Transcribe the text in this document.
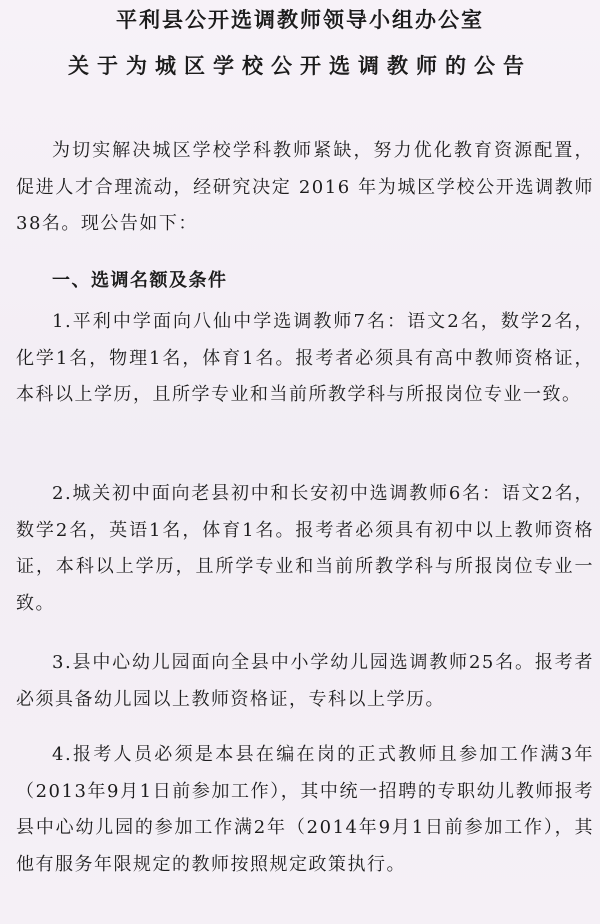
平利县公开选调教师领导小组办公室
关于为城区学校公开选调教师的公告

为切实解决城区学校学科教师紧缺，努力优化教育资源配置，促进人才合理流动，经研究决定 2016 年为城区学校公开选调教师38名。现公告如下：

一、选调名额及条件

1.平利中学面向八仙中学选调教师7名：语文2名，数学2名，化学1名，物理1名，体育1名。报考者必须具有高中教师资格证，本科以上学历，且所学专业和当前所教学科与所报岗位专业一致。

2.城关初中面向老县初中和长安初中选调教师6名：语文2名，数学2名，英语1名，体育1名。报考者必须具有初中以上教师资格证，本科以上学历，且所学专业和当前所教学科与所报岗位专业一致。

3.县中心幼儿园面向全县中小学幼儿园选调教师25名。报考者必须具备幼儿园以上教师资格证，专科以上学历。

4.报考人员必须是本县在编在岗的正式教师且参加工作满3年（2013年9月1日前参加工作），其中统一招聘的专职幼儿教师报考县中心幼儿园的参加工作满2年（2014年9月1日前参加工作），其他有服务年限规定的教师按照规定政策执行。
